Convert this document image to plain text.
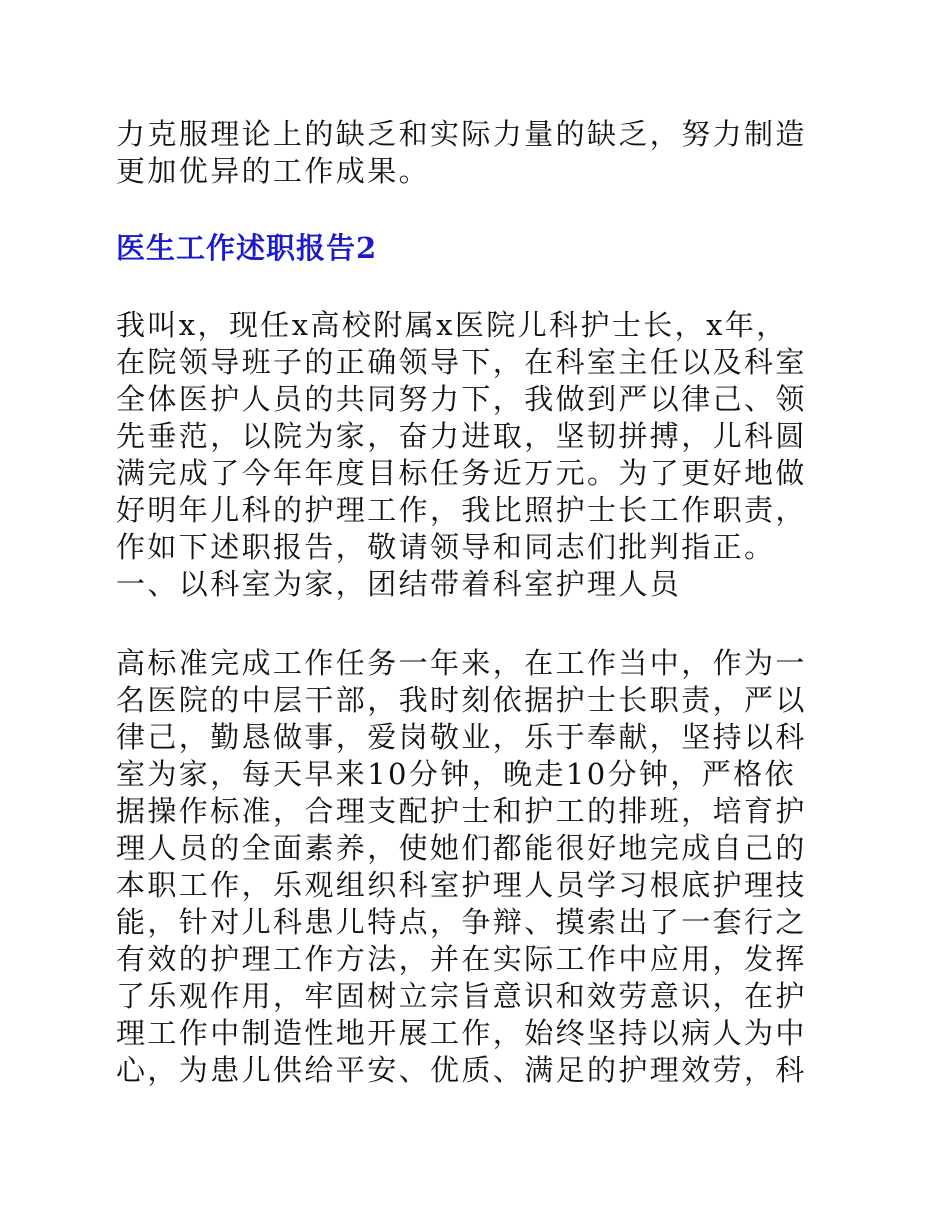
力克服理论上的缺乏和实际力量的缺乏，努力制造
更加优异的工作成果。
医生工作述职报告2
我叫x，现任x高校附属x医院儿科护士长，x年，
在院领导班子的正确领导下，在科室主任以及科室
全体医护人员的共同努力下，我做到严以律己、领
先垂范，以院为家，奋力进取，坚韧拼搏，儿科圆
满完成了今年年度目标任务近万元。为了更好地做
好明年儿科的护理工作，我比照护士长工作职责，
作如下述职报告，敬请领导和同志们批判指正。
一、以科室为家，团结带着科室护理人员
高标准完成工作任务一年来，在工作当中，作为一
名医院的中层干部，我时刻依据护士长职责，严以
律己，勤恳做事，爱岗敬业，乐于奉献，坚持以科
室为家，每天早来10分钟，晚走10分钟，严格依
据操作标准，合理支配护士和护工的排班，培育护
理人员的全面素养，使她们都能很好地完成自己的
本职工作，乐观组织科室护理人员学习根底护理技
能，针对儿科患儿特点，争辩、摸索出了一套行之
有效的护理工作方法，并在实际工作中应用，发挥
了乐观作用，牢固树立宗旨意识和效劳意识，在护
理工作中制造性地开展工作，始终坚持以病人为中
心，为患儿供给平安、优质、满足的护理效劳，科
